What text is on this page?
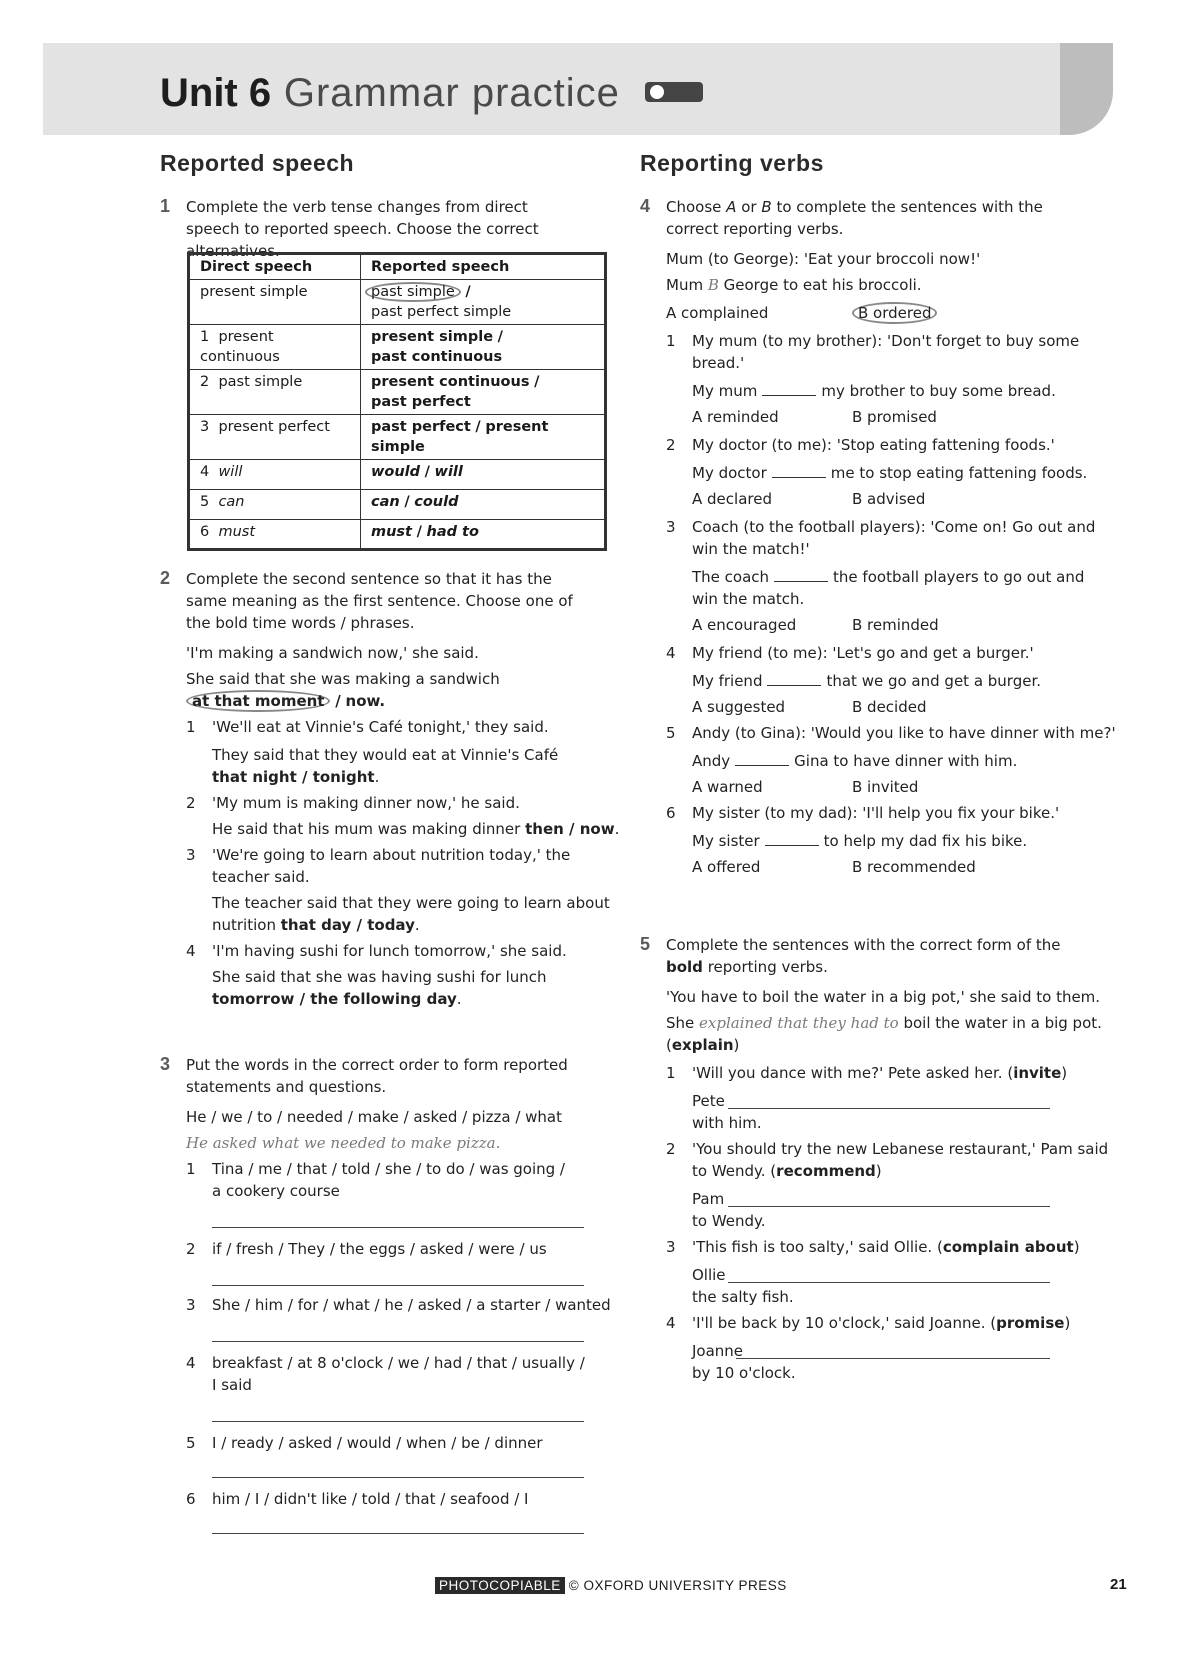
Unit 6 Grammar practice
Reported speech
1 Complete the verb tense changes from direct speech to reported speech. Choose the correct alternatives.
Direct speech	Reported speech
present simple	past simple /
past perfect simple
1 present continuous	present simple /
past continuous
2 past simple	present continuous /
past perfect
3 present perfect	past perfect / present simple
4 will	would / will
5 can	can / could
6 must	must / had to
2 Complete the second sentence so that it has the same meaning as the first sentence. Choose one of the bold time words / phrases.
'I'm making a sandwich now,' she said.
She said that she was making a sandwich
at that moment / now.
1	'We'll eat at Vinnie's Café tonight,' they said.
They said that they would eat at Vinnie's Café
that night / tonight.
2	'My mum is making dinner now,' he said.
He said that his mum was making dinner then / now.
3	'We're going to learn about nutrition today,' the
teacher said.
The teacher said that they were going to learn about
nutrition that day / today.
4	'I'm having sushi for lunch tomorrow,' she said.
She said that she was having sushi for lunch
tomorrow / the following day.
3 Put the words in the correct order to form reported statements and questions.
He / we / to / needed / make / asked / pizza / what
He asked what we needed to make pizza.
1	Tina / me / that / told / she / to do / was going /
a cookery course
2	if / fresh / They / the eggs / asked / were / us
3	She / him / for / what / he / asked / a starter / wanted
4	breakfast / at 8 o'clock / we / had / that / usually /
I said
5	I / ready / asked / would / when / be / dinner
6	him / I / didn't like / told / that / seafood / I
Reporting verbs
4 Choose A or B to complete the sentences with the correct reporting verbs.
Mum (to George): 'Eat your broccoli now!'
Mum B George to eat his broccoli.
A complained	B ordered
1	My mum (to my brother): 'Don't forget to buy some
bread.'
My mum	my brother to buy some bread.
A reminded	B promised
2	My doctor (to me): 'Stop eating fattening foods.'
My doctor	me to stop eating fattening foods.
A declared	B advised
3	Coach (to the football players): 'Come on! Go out and
win the match!'
The coach	the football players to go out and
win the match.
A encouraged	B reminded
4	My friend (to me): 'Let's go and get a burger.'
My friend	that we go and get a burger.
A suggested	B decided
5	Andy (to Gina): 'Would you like to have dinner with me?'
Andy	Gina to have dinner with him.
A warned	B invited
6	My sister (to my dad): 'I'll help you fix your bike.'
My sister	to help my dad fix his bike.
A offered	B recommended
5 Complete the sentences with the correct form of the bold reporting verbs.
'You have to boil the water in a big pot,' she said to them.
She explained that they had to boil the water in a big pot.
(explain)
1	'Will you dance with me?' Pete asked her. (invite)
Pete
with him.
2	'You should try the new Lebanese restaurant,' Pam said
to Wendy. (recommend)
Pam
to Wendy.
3	'This fish is too salty,' said Ollie. (complain about)
Ollie
the salty fish.
4	'I'll be back by 10 o'clock,' said Joanne. (promise)
Joanne
by 10 o'clock.
PHOTOCOPIABLE © OXFORD UNIVERSITY PRESS	21
